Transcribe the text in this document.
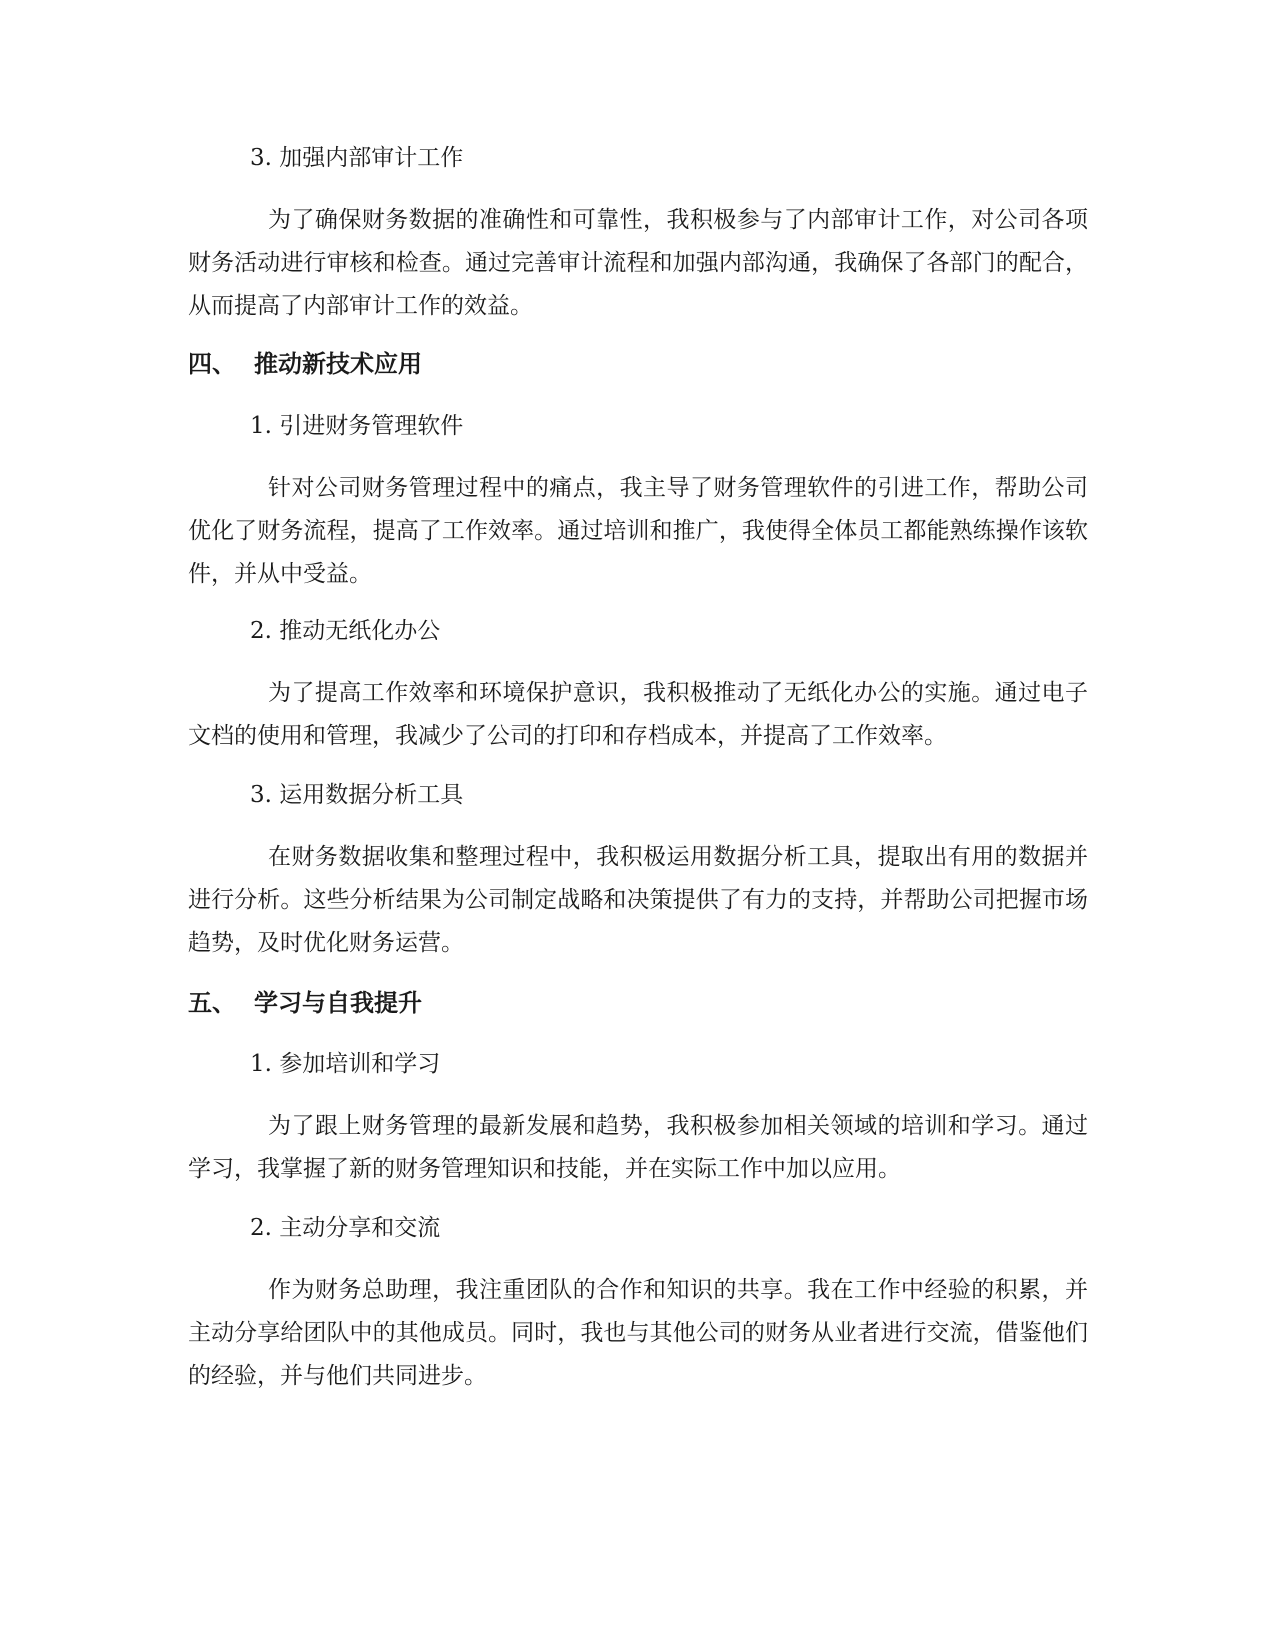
3. 加强内部审计工作

为了确保财务数据的准确性和可靠性，我积极参与了内部审计工作，对公司各项财务活动进行审核和检查。通过完善审计流程和加强内部沟通，我确保了各部门的配合，从而提高了内部审计工作的效益。

四、 推动新技术应用

1. 引进财务管理软件

针对公司财务管理过程中的痛点，我主导了财务管理软件的引进工作，帮助公司优化了财务流程，提高了工作效率。通过培训和推广，我使得全体员工都能熟练操作该软件，并从中受益。

2. 推动无纸化办公

为了提高工作效率和环境保护意识，我积极推动了无纸化办公的实施。通过电子文档的使用和管理，我减少了公司的打印和存档成本，并提高了工作效率。

3. 运用数据分析工具

在财务数据收集和整理过程中，我积极运用数据分析工具，提取出有用的数据并进行分析。这些分析结果为公司制定战略和决策提供了有力的支持，并帮助公司把握市场趋势，及时优化财务运营。

五、 学习与自我提升

1. 参加培训和学习

为了跟上财务管理的最新发展和趋势，我积极参加相关领域的培训和学习。通过学习，我掌握了新的财务管理知识和技能，并在实际工作中加以应用。

2. 主动分享和交流

作为财务总助理，我注重团队的合作和知识的共享。我在工作中经验的积累，并主动分享给团队中的其他成员。同时，我也与其他公司的财务从业者进行交流，借鉴他们的经验，并与他们共同进步。
